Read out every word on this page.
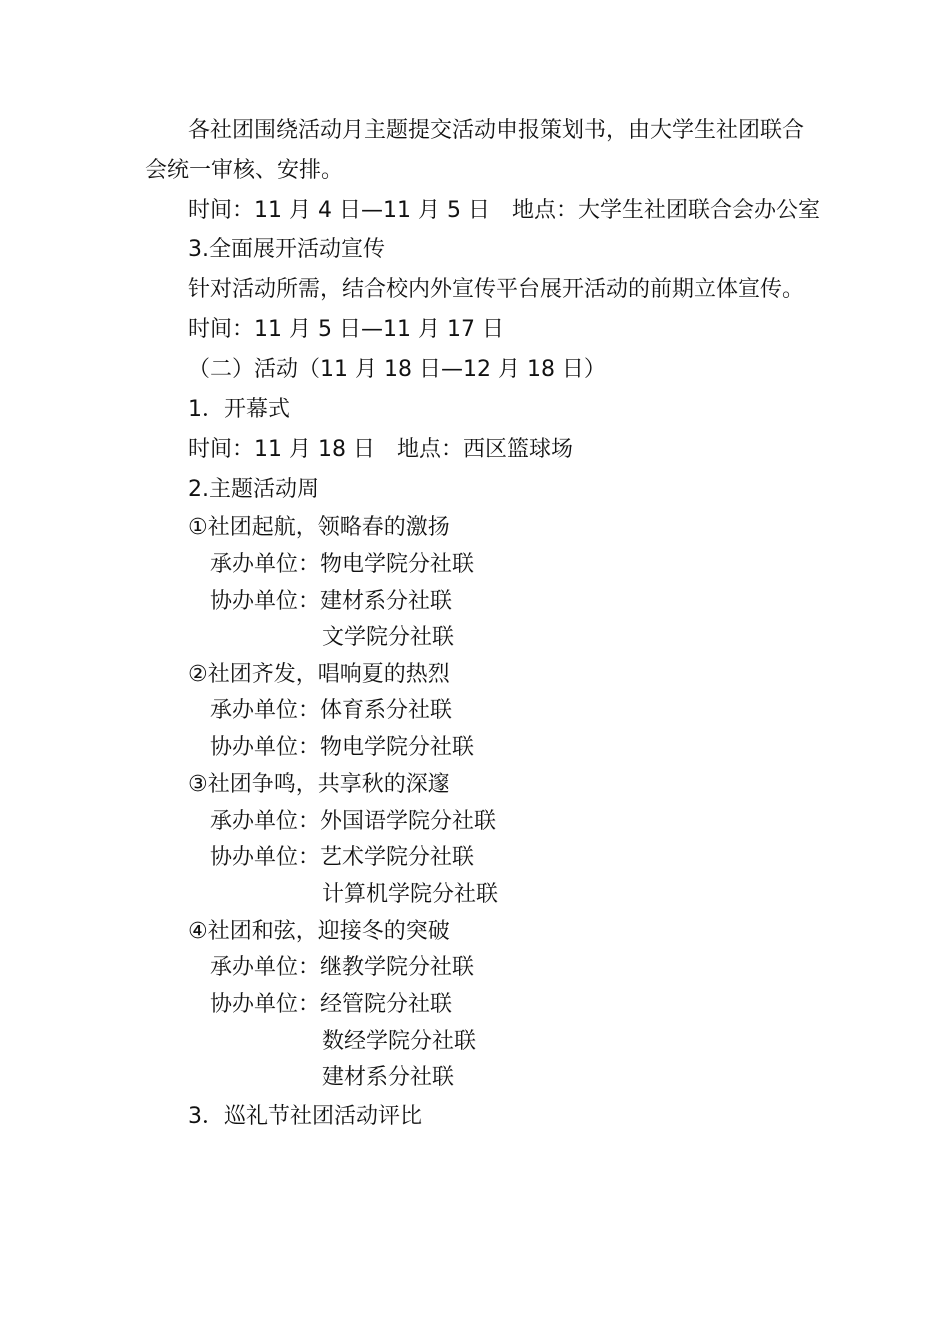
各社团围绕活动月主题提交活动申报策划书，由大学生社团联合
会统一审核、安排。
时间：11 月 4 日—11 月 5 日　地点：大学生社团联合会办公室
3.全面展开活动宣传
针对活动所需，结合校内外宣传平台展开活动的前期立体宣传。
时间：11 月 5 日—11 月 17 日
（二）活动（11 月 18 日—12 月 18 日）
1．开幕式
时间：11 月 18 日　地点：西区篮球场
2.主题活动周
①社团起航，领略春的激扬
承办单位：物电学院分社联
协办单位：建材系分社联
文学院分社联
②社团齐发，唱响夏的热烈
承办单位：体育系分社联
协办单位：物电学院分社联
③社团争鸣，共享秋的深邃
承办单位：外国语学院分社联
协办单位：艺术学院分社联
计算机学院分社联
④社团和弦，迎接冬的突破
承办单位：继教学院分社联
协办单位：经管院分社联
数经学院分社联
建材系分社联
3．巡礼节社团活动评比
